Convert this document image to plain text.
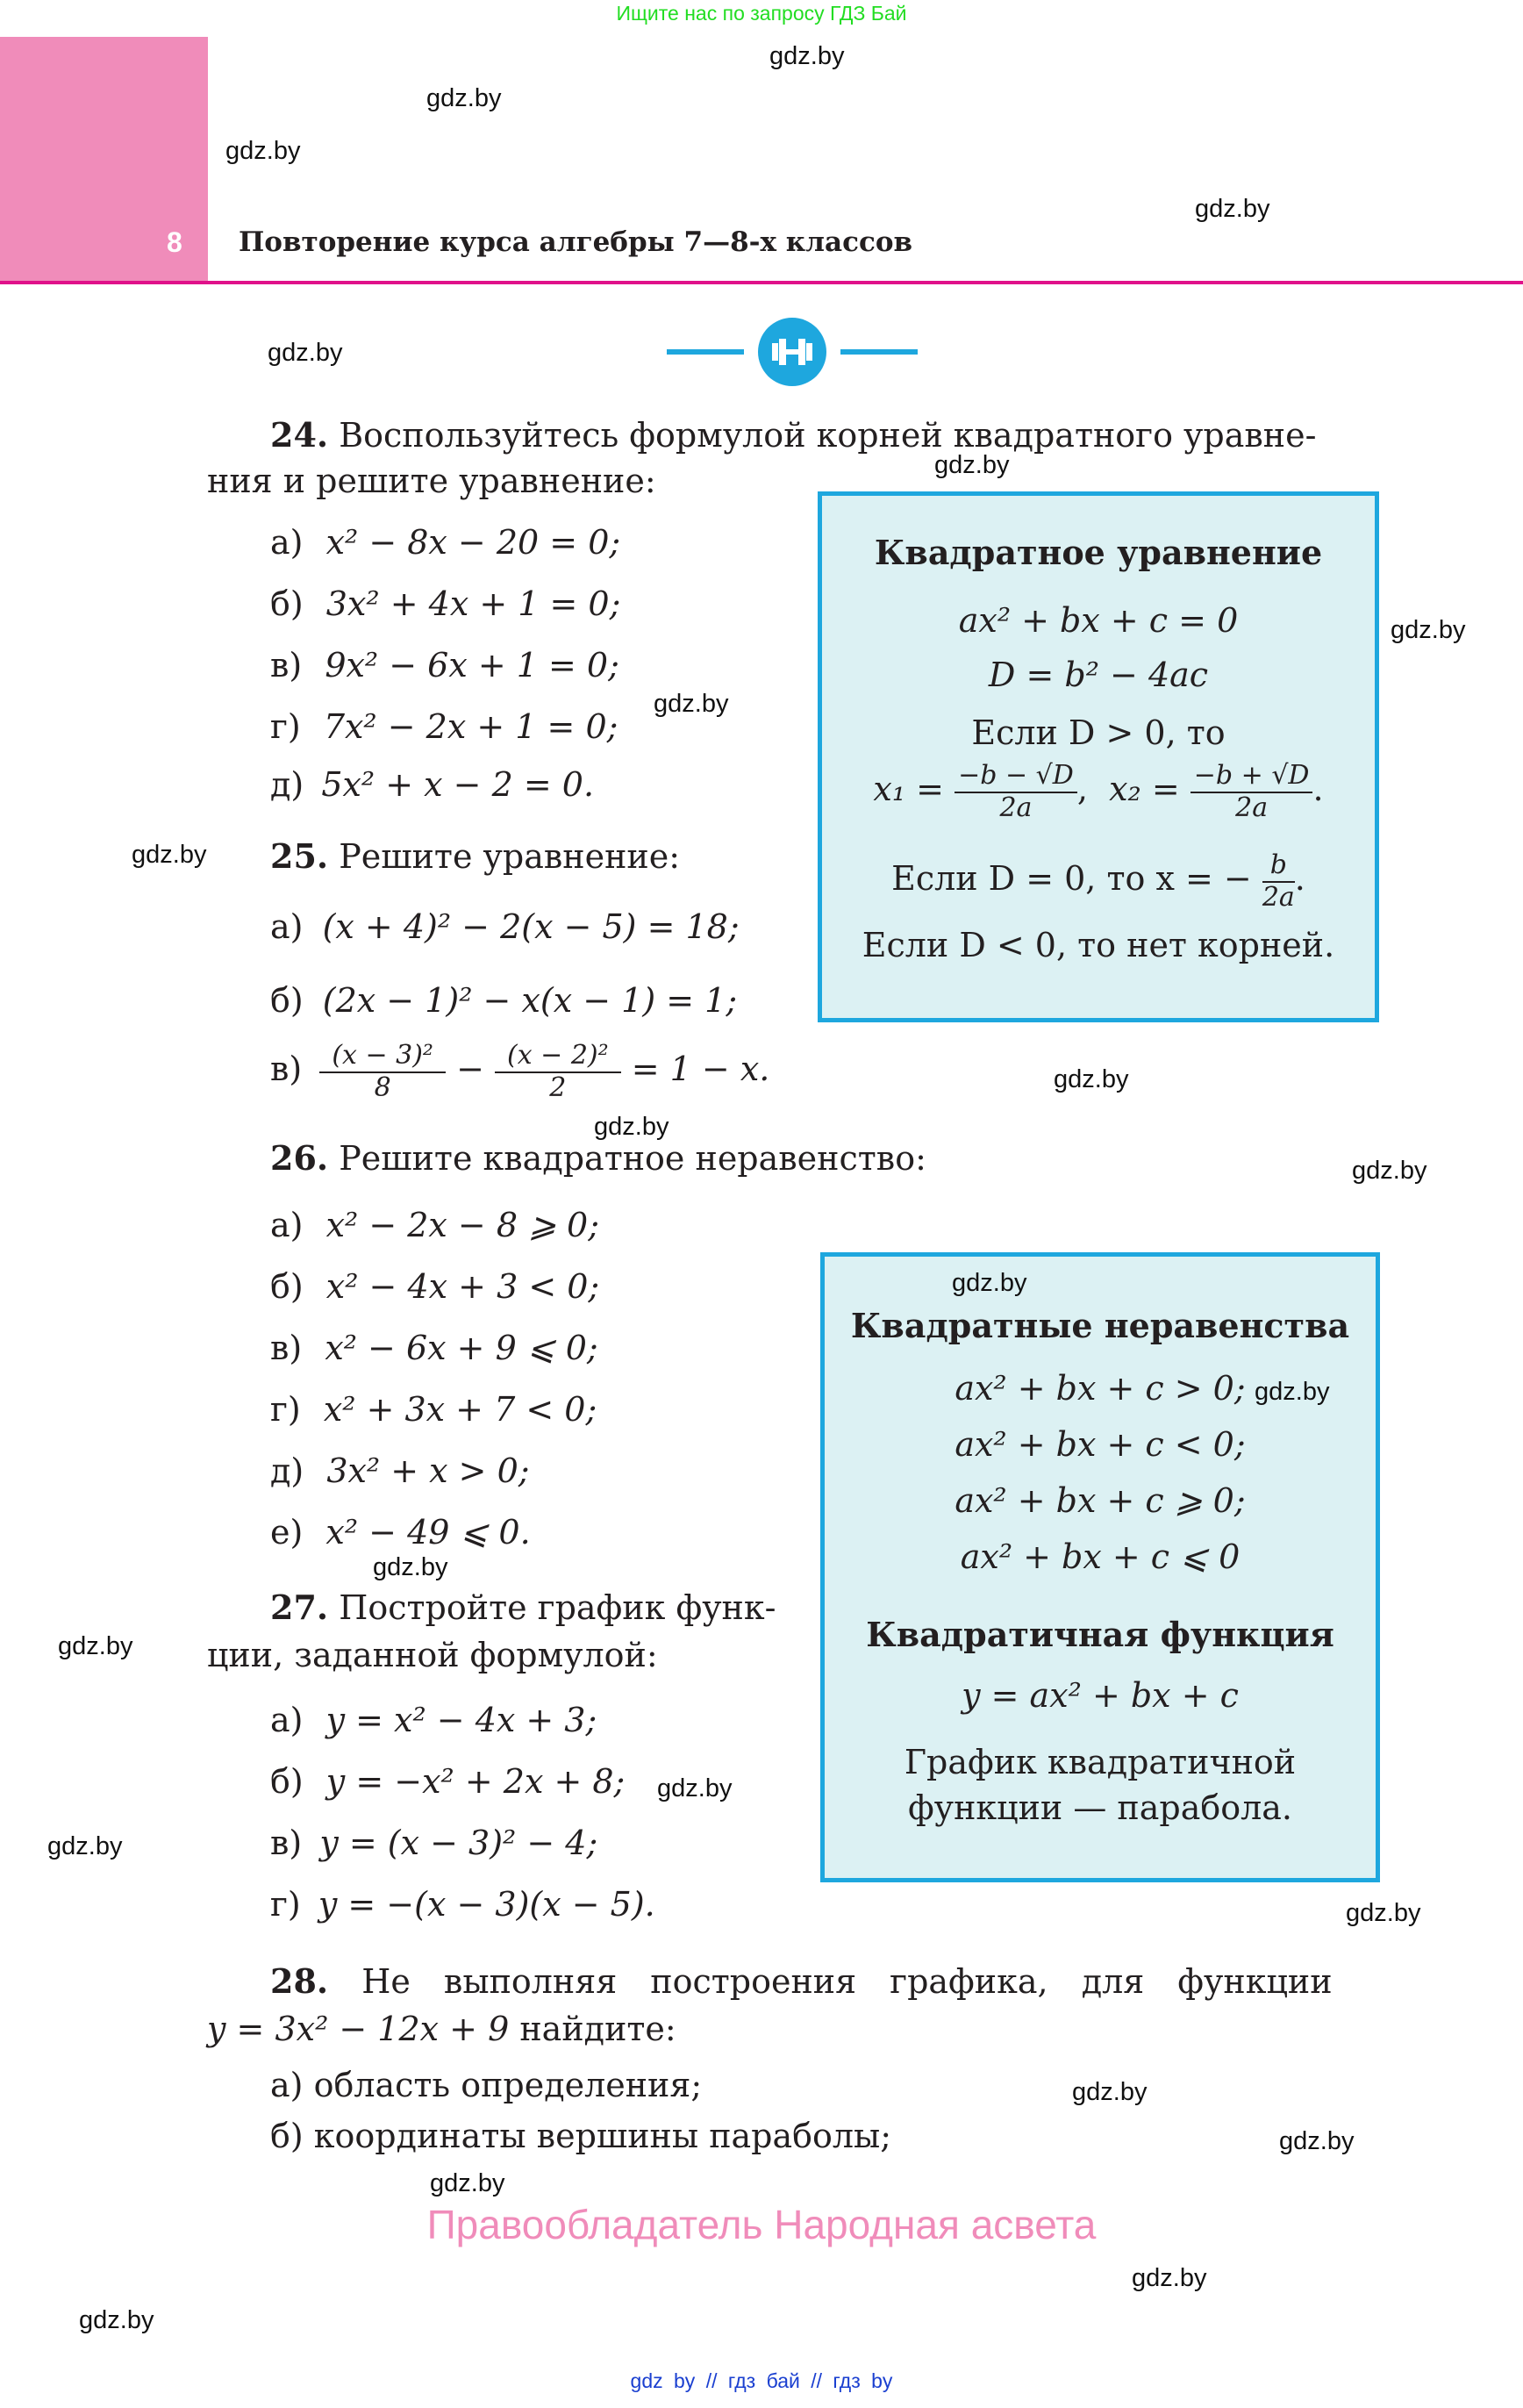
Ищите нас по запросу ГДЗ Бай
8 Повторение курса алгебры 7—8-х классов
24. Воспользуйтесь формулой корней квадратного уравне-
ния и решите уравнение:
а) x² − 8x − 20 = 0;
б) 3x² + 4x + 1 = 0;
в) 9x² − 6x + 1 = 0;
г) 7x² − 2x + 1 = 0;
д) 5x² + x − 2 = 0.
Квадратное уравнение
ax² + bx + c = 0
D = b² − 4ac
Если D > 0, то
$x_1 = \frac{-b - √D}{2a}$ ,  $x_2 = \frac{-b + √D}{2a}$ .
Если D = 0, то x = − $\frac{b}{2a}$ .
Если D < 0, то нет корней.
25. Решите уравнение:
а) (x + 4)² − 2(x − 5) = 18;
б) (2x − 1)² − x(x − 1) = 1;
$в) \frac{\text{(x − 3)²}}{8} - \frac{\text{(x − 2)²}}{2} = 1 - x$.
26. Решите квадратное неравенство:
а) x² − 2x − 8 ⩾ 0;
б) x² − 4x + 3 < 0;
в) x² − 6x + 9 ⩽ 0;
г) x² + 3x + 7 < 0;
д) 3x² + x > 0;
е) x² − 49 ⩽ 0.
Квадратные неравенства
ax² + bx + c > 0;
ax² + bx + c < 0;
ax² + bx + c ⩾ 0;
ax² + bx + c ⩽ 0
Квадратичная функция
y = ax² + bx + c
График квадратичной
функции — парабола.
27. Постройте график функ-
ции, заданной формулой:
а) y = x² − 4x + 3;
б) y = −x² + 2x + 8;
в) y = (x − 3)² − 4;
г) y = −(x − 3)(x − 5).
28. Не выполняя построения графика, для функции
y = 3x² − 12x + 9 найдите:
а) область определения;
б) координаты вершины параболы;
gdz.by
gdz.by
gdz.by
gdz.by
gdz.by
gdz.by
gdz.by
gdz.by
gdz.by
gdz.by
gdz.by
gdz.by
gdz.by
gdz.by
gdz.by
gdz.by
gdz.by
gdz.by
gdz.by
gdz.by
gdz.by
gdz.by
gdz.by
gdz.by
Правообладатель Народная асвета
gdz by // гдз бай // гдз by
